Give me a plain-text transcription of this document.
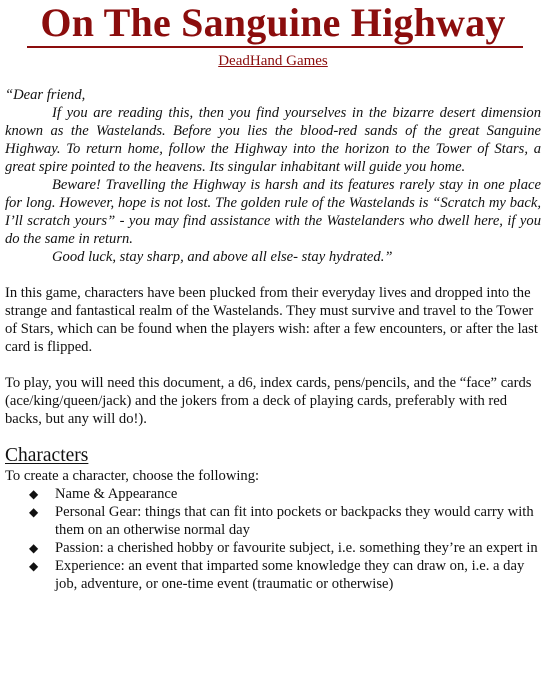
On The Sanguine Highway
DeadHand Games

“Dear friend,

If you are reading this, then you find yourselves in the bizarre desert dimension known as the Wastelands. Before you lies the blood-red sands of the great Sanguine Highway. To return home, follow the Highway into the horizon to the Tower of Stars, a great spire pointed to the heavens. Its singular inhabitant will guide you home.

Beware! Travelling the Highway is harsh and its features rarely stay in one place for long. However, hope is not lost. The golden rule of the Wastelands is “Scratch my back, I’ll scratch yours” - you may find assistance with the Wastelanders who dwell here, if you do the same in return.

Good luck, stay sharp, and above all else- stay hydrated.”

In this game, characters have been plucked from their everyday lives and dropped into the strange and fantastical realm of the Wastelands. They must survive and travel to the Tower of Stars, which can be found when the players wish: after a few encounters, or after the last card is flipped.

To play, you will need this document, a d6, index cards, pens/pencils, and the “face” cards (ace/king/queen/jack) and the jokers from a deck of playing cards, preferably with red backs, but any will do!).

Characters

To create a character, choose the following:

◆ Name & Appearance
◆ Personal Gear: things that can fit into pockets or backpacks they would carry with them on an otherwise normal day
◆ Passion: a cherished hobby or favourite subject, i.e. something they’re an expert in
◆ Experience: an event that imparted some knowledge they can draw on, i.e. a day job, adventure, or one-time event (traumatic or otherwise)
